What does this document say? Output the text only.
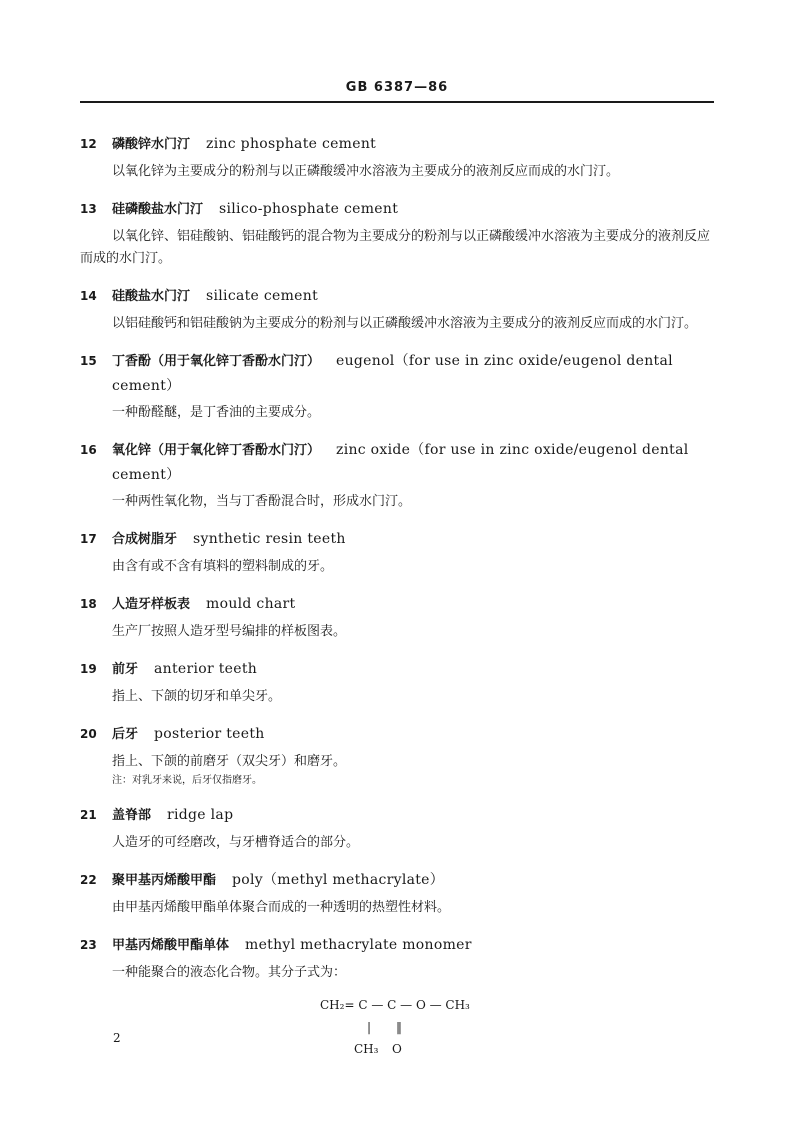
GB 6387—86
12	磷酸锌水门汀 zinc phosphate cement
以氧化锌为主要成分的粉剂与以正磷酸缓冲水溶液为主要成分的液剂反应而成的水门汀。
13	硅磷酸盐水门汀 silico-phosphate cement
以氧化锌、铝硅酸钠、铝硅酸钙的混合物为主要成分的粉剂与以正磷酸缓冲水溶液为主要成分的液剂反应而成的水门汀。
14	硅酸盐水门汀 silicate cement
以铝硅酸钙和铝硅酸钠为主要成分的粉剂与以正磷酸缓冲水溶液为主要成分的液剂反应而成的水门汀。
15	丁香酚（用于氧化锌丁香酚水门汀） eugenol（for use in zinc oxide/eugenol dental cement）
一种酚醛醚，是丁香油的主要成分。
16	氧化锌（用于氧化锌丁香酚水门汀） zinc oxide（for use in zinc oxide/eugenol dental cement）
一种两性氧化物，当与丁香酚混合时，形成水门汀。
17	合成树脂牙 synthetic resin teeth
由含有或不含有填料的塑料制成的牙。
18	人造牙样板表 mould chart
生产厂按照人造牙型号编排的样板图表。
19	前牙 anterior teeth
指上、下颌的切牙和单尖牙。
20	后牙 posterior teeth
指上、下颌的前磨牙（双尖牙）和磨牙。
注：对乳牙来说，后牙仅指磨牙。
21	盖脊部 ridge lap
人造牙的可经磨改，与牙槽脊适合的部分。
22	聚甲基丙烯酸甲酯 poly（methyl methacrylate）
由甲基丙烯酸甲酯单体聚合而成的一种透明的热塑性材料。
23	甲基丙烯酸甲酯单体 methyl methacrylate monomer
一种能聚合的液态化合物。其分子式为：
CH₂= C — C — O — CH₃
| ‖
CH₃ O
2
